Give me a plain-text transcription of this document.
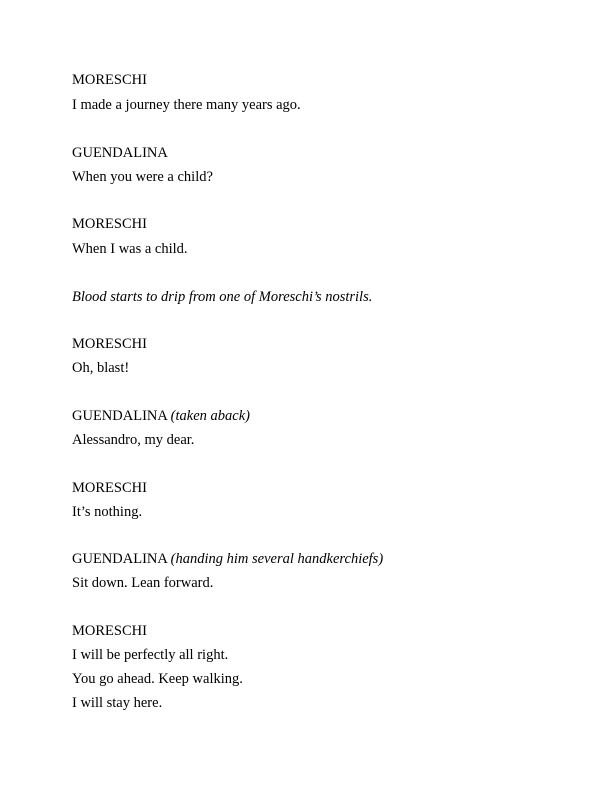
MORESCHI
I made a journey there many years ago.
GUENDALINA
When you were a child?
MORESCHI
When I was a child.
Blood starts to drip from one of Moreschi’s nostrils.
MORESCHI
Oh, blast!
GUENDALINA (taken aback)
Alessandro, my dear.
MORESCHI
It’s nothing.
GUENDALINA (handing him several handkerchiefs)
Sit down. Lean forward.
MORESCHI
I will be perfectly all right.
You go ahead. Keep walking.
I will stay here.
